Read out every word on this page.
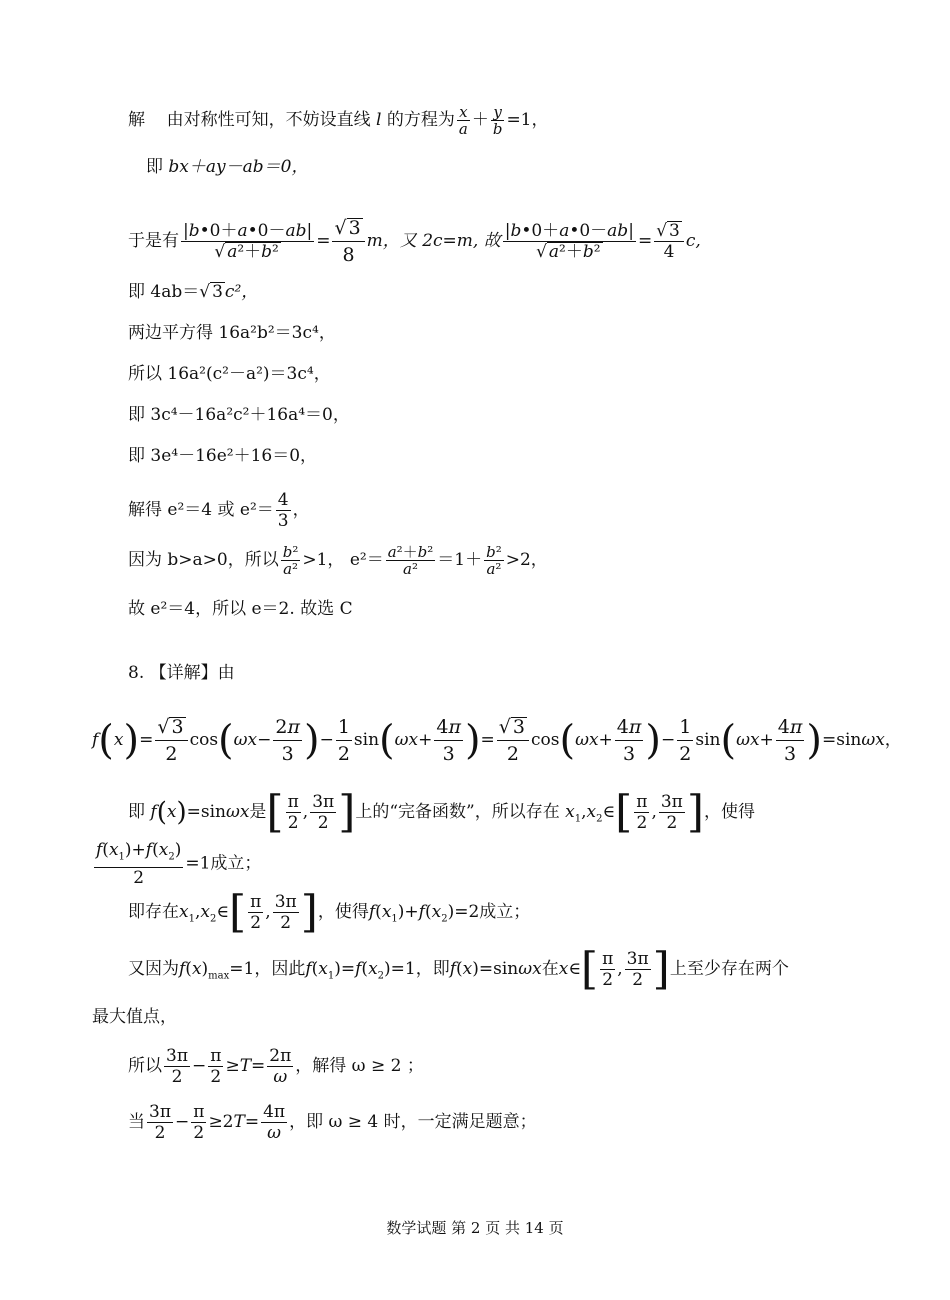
解 由对称性可知，不妨设直线 l 的方程为 $\frac{x}{a} + \frac{y}{b} =1$，
即 bx＋ay－ab＝0，
于是有 $\frac{|b•0+a•0-ab|}{\text{√ a²＋b²}} = \frac{√ 3}{8}$ m，又 2c=m, 故 $\frac{|b•0+a•0-ab|}{\text{√ a²＋b²}} = \frac{√ 3}{4} c$,
即 4ab＝√ 3 c²，
两边平方得 16a²b²＝3c⁴，
所以 16a²(c²－a²)＝3c⁴，
即 3c⁴－16a²c²＋16a⁴＝0，
即 3e⁴－16e²＋16＝0，
解得 e²＝4 或 $e^2= \frac{4}{3}$ ，
因为 b>a>0，所以 $\frac{\text{b²}}{\text{a²}} >1$， $e^2= \frac{\text{a²＋b²}}{\text{a²}} =1+ \frac{\text{b²}}{\text{a²}} >2$，
故 e²＝4，所以 e＝2. 故选 C
8. 【详解】由
$f(x)= \frac{√ 3}{2} \cos(\omega x- \frac{2\pi}{3}$ )− $\frac{1}{2} \sin(\omega x+ \frac{4\pi}{3}$ )= $\frac{√ 3}{2} \cos(\omega x+ \frac{4\pi}{3}$ )− $\frac{1}{2} \sin(\omega x+ \frac{4\pi}{3} )=\sin\omega x$，
即 f(x)=sinωx是[ $\frac{\pi}{2}$ , $\frac{3\pi}{2}$ ]上的“完备函数”，所以存在 $x_1,x_2\in[ \frac{\pi}{2}$ , $\frac{3\pi}{2}$ ]，使得
$\frac{f(x_1)+f(x_2)}{2} =1$成立；
即存在$x_1,x_2\in[ \frac{\pi}{2}$ , $\frac{3\pi}{2}$ ]，使得$f(x_1)+f(x_2)=2$成立；
又因为$f(x)_{max}=1$，因此$f(x_1)=f(x_2)=1$，即f(x)=sinωx在x∈[ $\frac{\pi}{2}$ , $\frac{3\pi}{2}$ ]上至少存在两个
最大值点，
所以 $\frac{3\pi}{2} - \frac{\pi}{2} \ge T= \frac{2\pi}{\omega}$ ，解得 ω ≥ 2 ；
当 $\frac{3\pi}{2} - \frac{\pi}{2} \ge 2T= \frac{4\pi}{\omega}$ ，即 ω ≥ 4 时，一定满足题意；
数学试题 第 2 页 共 14 页
